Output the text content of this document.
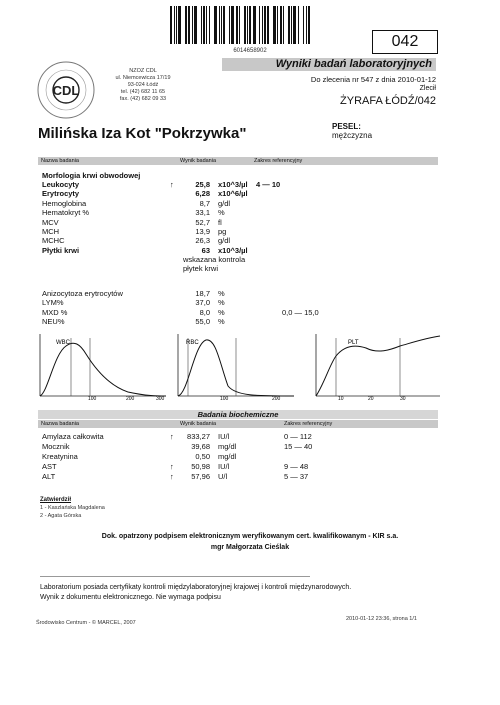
6014658902
042
CDL
NZOZ CDL
ul. Niemcewicza 17/19
93-024 Łódź
tel. (42) 682 11 65
fax. (42) 682 09 33
Wyniki badań laboratoryjnych
Do zlecenia nr 547 z dnia 2010-01-12
Zlecił
ŻYRAFA ŁÓDŹ/042
Milińska Iza Kot "Pokrzywka"	PESEL:
mężczyzna
Nazwa badania	Wynik badania	Zakres referencyjny
Morfologia krwi obwodowej
Leukocyty	↑	25,8 x10^3/µl 4 — 10
Erytrocyty	6,28 x10^6/µl
Hemoglobina	8,7 g/dl
Hematokryt %	33,1 %
MCV	52,7 fl
MCH	13,9 pg
MCHC	26,3 g/dl
Płytki krwi	63 x10^3/µl
wskazana kontrola
płytek krwi
Anizocytoza erytrocytów	18,7 %
LYM%	37,0 %
MXD %	8,0 %	0,0 — 15,0
NEU%	55,0 %
WBC
100	200	300
RBC
100	200
PLT
10	20	30
Badania biochemiczne
Nazwa badania	Wynik badania	Zakres referencyjny
Amylaza całkowita	↑	833,27 IU/l	0 — 112
Mocznik	39,68 mg/dl	15 — 40
Kreatynina	0,50 mg/dl
AST	↑	50,98 IU/l	9 — 48
ALT	↑	57,96 U/l	5 — 37
Zatwierdził
1 - Kaszlańska Magdalena
2 - Agata Górska
Dok. opatrzony podpisem elektronicznym weryfikowanym cert. kwalifikowanym - KIR s.a.
mgr Małgorzata Cieślak
Laboratorium posiada certyfikaty kontroli międzylaboratoryjnej krajowej i kontroli międzynarodowych.
Wynik z dokumentu elektronicznego. Nie wymaga podpisu
Środowisko Centrum - © MARCEL, 2007
2010-01-12 23:36, strona 1/1
